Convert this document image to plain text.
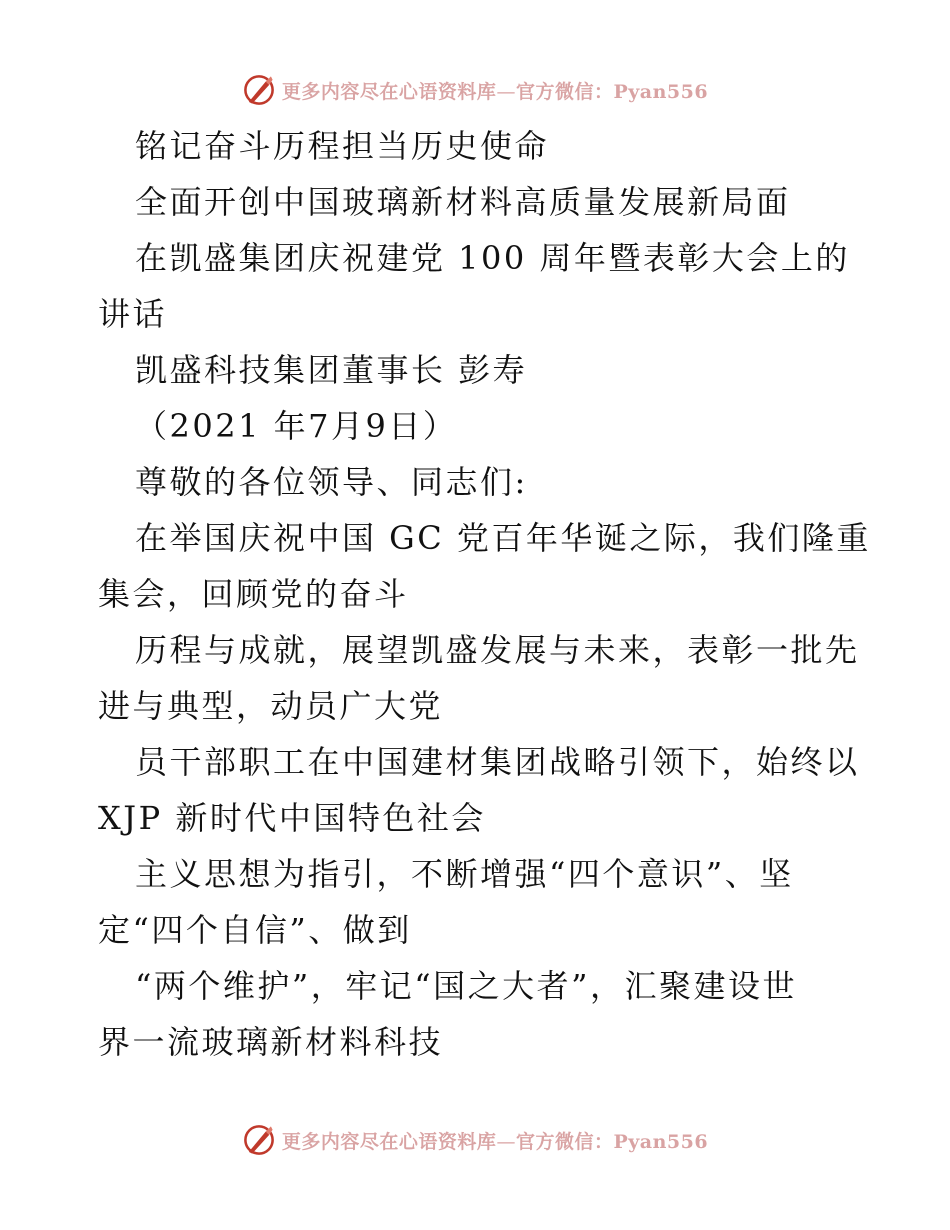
更多内容尽在心语资料库—官方微信：Pyan556

铭记奋斗历程担当历史使命

全面开创中国玻璃新材料高质量发展新局面

在凯盛集团庆祝建党 100 周年暨表彰大会上的

讲话

凯盛科技集团董事长 彭寿

（2021 年7月9日）

尊敬的各位领导、同志们:

在举国庆祝中国 GC 党百年华诞之际，我们隆重

集会，回顾党的奋斗

历程与成就，展望凯盛发展与未来，表彰一批先

进与典型，动员广大党

员干部职工在中国建材集团战略引领下，始终以

XJP 新时代中国特色社会

主义思想为指引，不断增强“四个意识”、坚

定“四个自信”、做到

“两个维护”，牢记“国之大者”，汇聚建设世

界一流玻璃新材料科技

更多内容尽在心语资料库—官方微信：Pyan556
